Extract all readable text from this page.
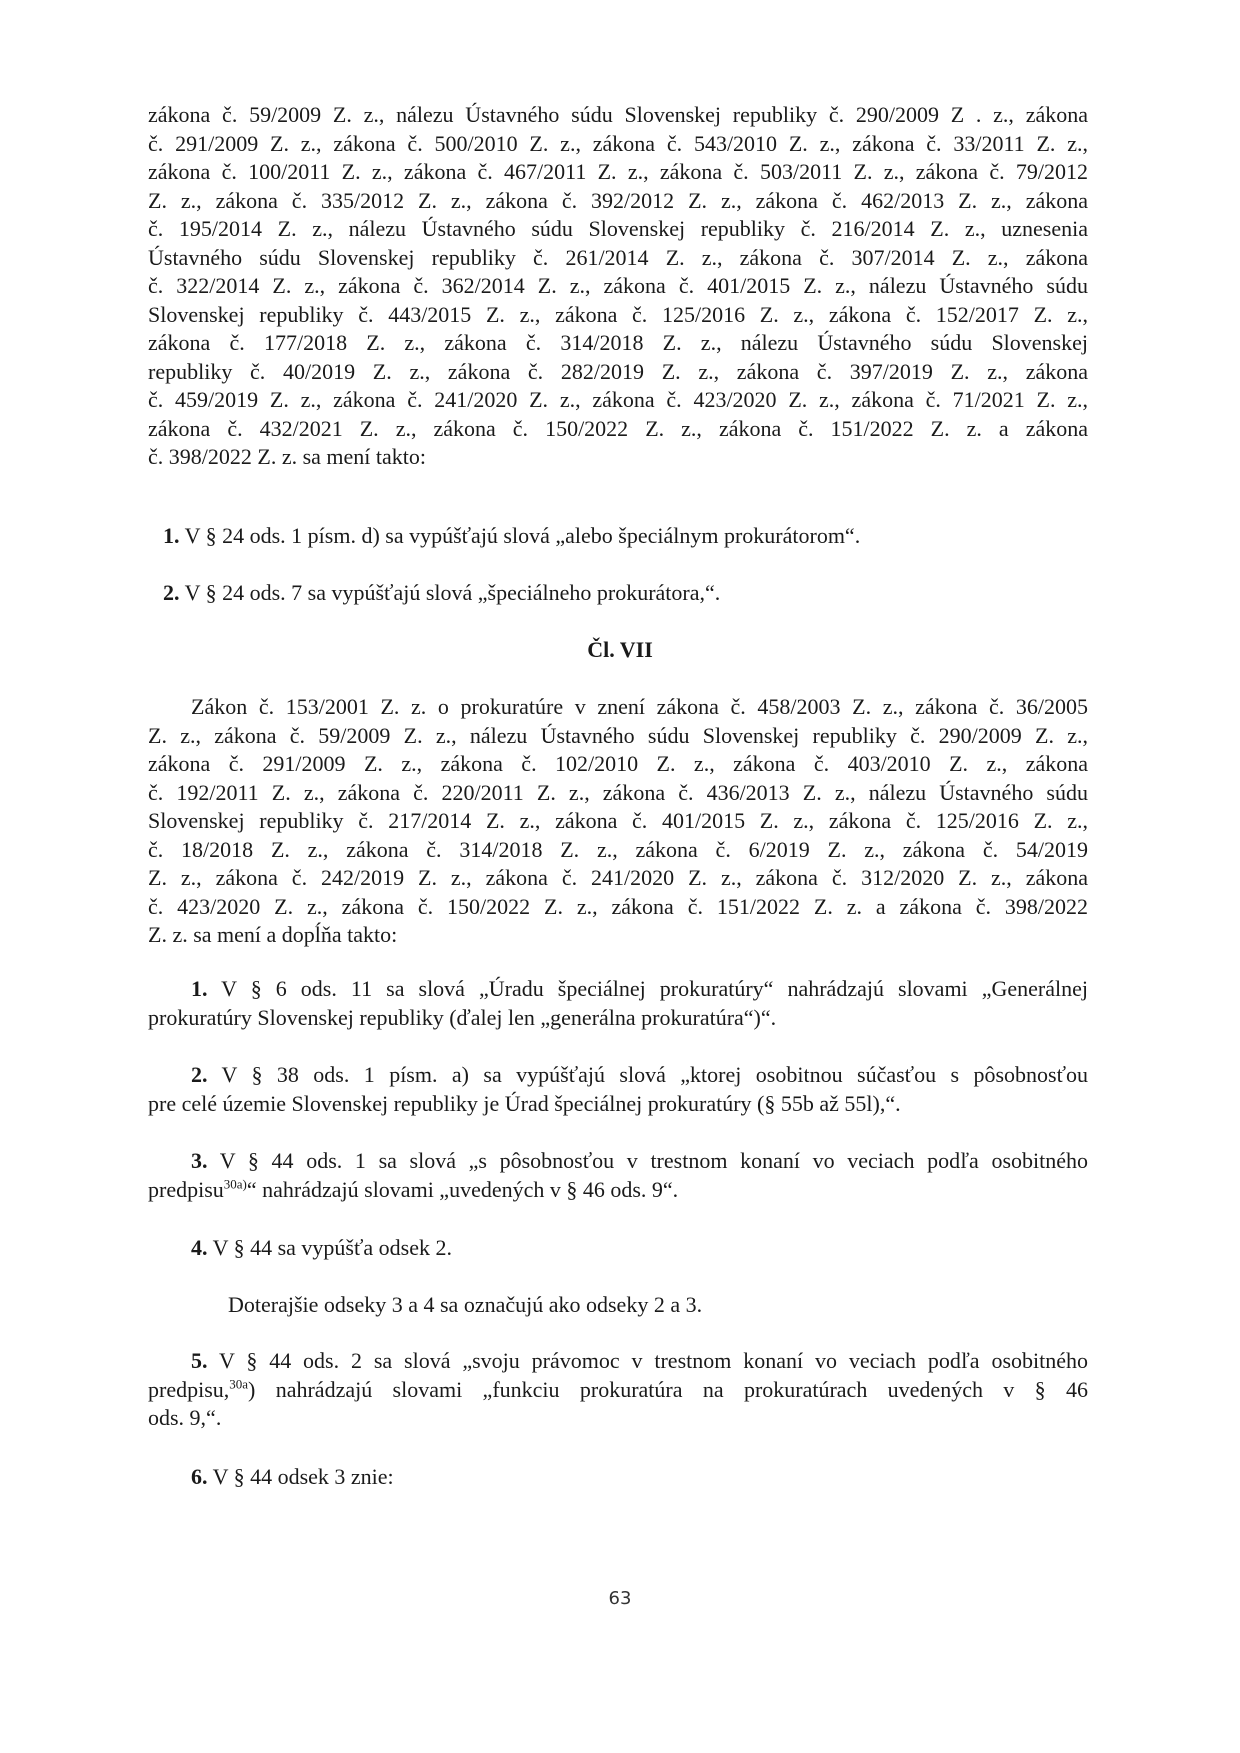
zákona č. 59/2009 Z. z., nálezu Ústavného súdu Slovenskej republiky č. 290/2009 Z . z., zákona
č. 291/2009 Z. z., zákona č. 500/2010 Z. z., zákona č. 543/2010 Z. z., zákona č. 33/2011 Z. z.,
zákona č. 100/2011 Z. z., zákona č. 467/2011 Z. z., zákona č. 503/2011 Z. z., zákona č. 79/2012
Z. z., zákona č. 335/2012 Z. z., zákona č. 392/2012 Z. z., zákona č. 462/2013 Z. z., zákona
č. 195/2014 Z. z., nálezu Ústavného súdu Slovenskej republiky č. 216/2014 Z. z., uznesenia
Ústavného súdu Slovenskej republiky č. 261/2014 Z. z., zákona č. 307/2014 Z. z., zákona
č. 322/2014 Z. z., zákona č. 362/2014 Z. z., zákona č. 401/2015 Z. z., nálezu Ústavného súdu
Slovenskej republiky č. 443/2015 Z. z., zákona č. 125/2016 Z. z., zákona č. 152/2017 Z. z.,
zákona č. 177/2018 Z. z., zákona č. 314/2018 Z. z., nálezu Ústavného súdu Slovenskej
republiky č. 40/2019 Z. z., zákona č. 282/2019 Z. z., zákona č. 397/2019 Z. z., zákona
č. 459/2019 Z. z., zákona č. 241/2020 Z. z., zákona č. 423/2020 Z. z., zákona č. 71/2021 Z. z.,
zákona č. 432/2021 Z. z., zákona č. 150/2022 Z. z., zákona č. 151/2022 Z. z. a zákona
č. 398/2022 Z. z. sa mení takto:
1. V § 24 ods. 1 písm. d) sa vypúšťajú slová „alebo špeciálnym prokurátorom“.
2. V § 24 ods. 7 sa vypúšťajú slová „špeciálneho prokurátora,“.
Čl. VII
Zákon č. 153/2001 Z. z. o prokuratúre v znení zákona č. 458/2003 Z. z., zákona č. 36/2005
Z. z., zákona č. 59/2009 Z. z., nálezu Ústavného súdu Slovenskej republiky č. 290/2009 Z. z.,
zákona č. 291/2009 Z. z., zákona č. 102/2010 Z. z., zákona č. 403/2010 Z. z., zákona
č. 192/2011 Z. z., zákona č. 220/2011 Z. z., zákona č. 436/2013 Z. z., nálezu Ústavného súdu
Slovenskej republiky č. 217/2014 Z. z., zákona č. 401/2015 Z. z., zákona č. 125/2016 Z. z.,
č. 18/2018 Z. z., zákona č. 314/2018 Z. z., zákona č. 6/2019 Z. z., zákona č. 54/2019
Z. z., zákona č. 242/2019 Z. z., zákona č. 241/2020 Z. z., zákona č. 312/2020 Z. z., zákona
č. 423/2020 Z. z., zákona č. 150/2022 Z. z., zákona č. 151/2022 Z. z. a zákona č. 398/2022
Z. z. sa mení a dopĺňa takto:
1. V § 6 ods. 11 sa slová „Úradu špeciálnej prokuratúry“ nahrádzajú slovami „Generálnej
prokuratúry Slovenskej republiky (ďalej len „generálna prokuratúra“)“.
2. V § 38 ods. 1 písm. a) sa vypúšťajú slová „ktorej osobitnou súčasťou s pôsobnosťou
pre celé územie Slovenskej republiky je Úrad špeciálnej prokuratúry (§ 55b až 55l),“.
3. V § 44 ods. 1 sa slová „s pôsobnosťou v trestnom konaní vo veciach podľa osobitného
predpisu$^{30a)}$“ nahrádzajú slovami „uvedených v § 46 ods. 9“.
4. V § 44 sa vypúšťa odsek 2.
Doterajšie odseky 3 a 4 sa označujú ako odseky 2 a 3.
5. V § 44 ods. 2 sa slová „svoju právomoc v trestnom konaní vo veciach podľa osobitného
predpisu,$^{30a}$) nahrádzajú slovami „funkciu prokuratúra na prokuratúrach uvedených v § 46
ods. 9,“.
6. V § 44 odsek 3 znie:
63
